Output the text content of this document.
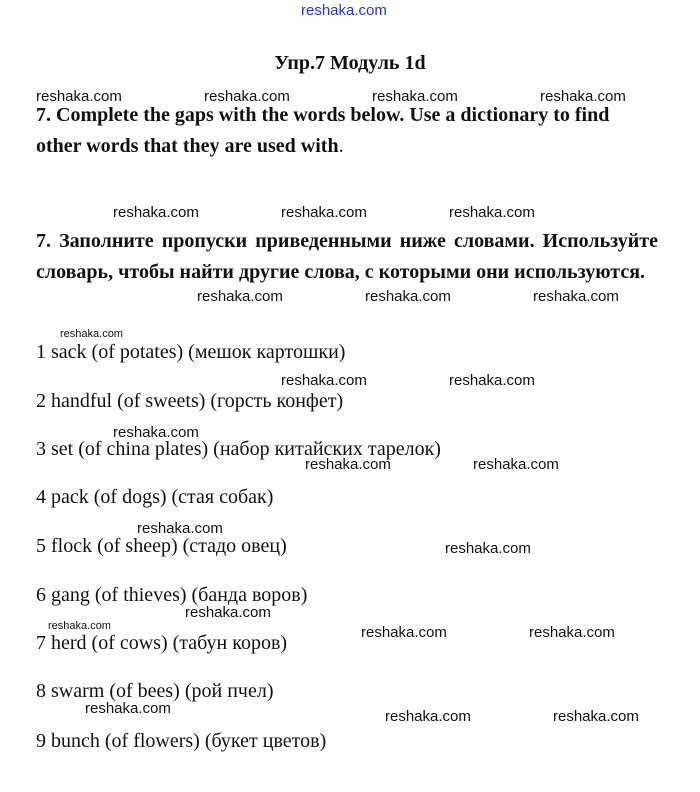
reshaka.com
Упр.7 Модуль 1d
reshaka.com	reshaka.com	reshaka.com	reshaka.com
7. Complete the gaps with the words below. Use a dictionary to find other words that they are used with.
reshaka.com	reshaka.com	reshaka.com
7. Заполните пропуски приведенными ниже словами. Используйте словарь, чтобы найти другие слова, с которыми они используются.
reshaka.com	reshaka.com	reshaka.com
reshaka.com
1 sack (of potates) (мешок картошки)
reshaka.com	reshaka.com
2 handful (of sweets) (горсть конфет)
reshaka.com
3 set (of china plates) (набор китайских тарелок)
reshaka.com	reshaka.com
4 pack (of dogs) (стая собак)
reshaka.com
5 flock (of sheep) (стадо овец)	reshaka.com
6 gang (of thieves) (банда воров)
reshaka.com
reshaka.com	reshaka.com	reshaka.com
7 herd (of cows) (табун коров)
8 swarm (of bees) (рой пчел)
reshaka.com	reshaka.com	reshaka.com
9 bunch (of flowers) (букет цветов)
